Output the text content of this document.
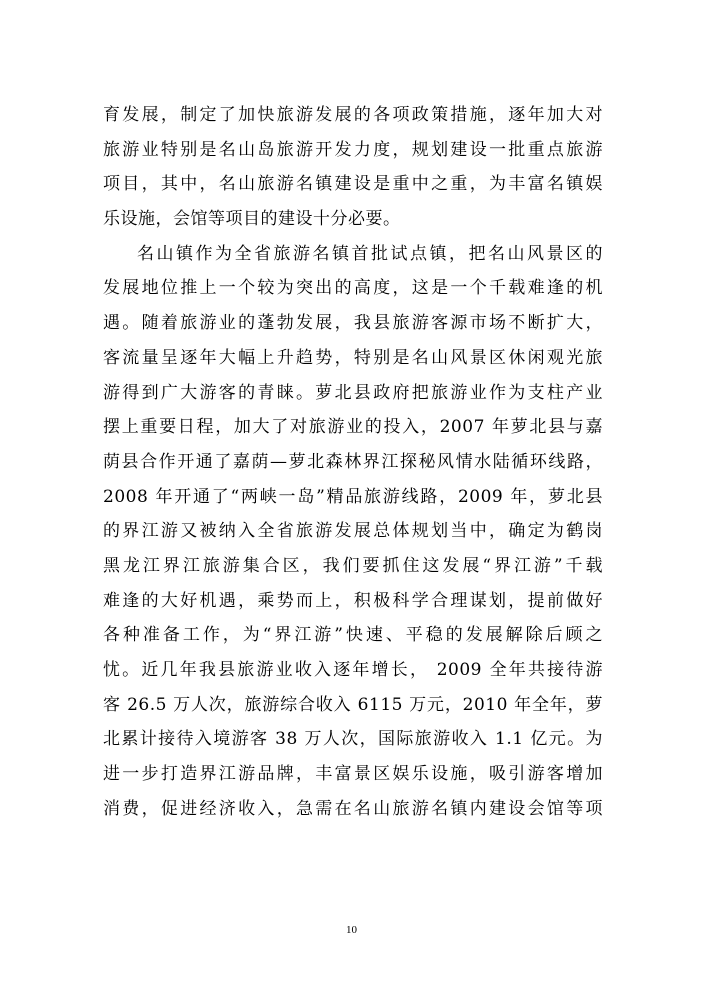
育发展，制定了加快旅游发展的各项政策措施，逐年加大对
旅游业特别是名山岛旅游开发力度，规划建设一批重点旅游
项目，其中，名山旅游名镇建设是重中之重，为丰富名镇娱
乐设施，会馆等项目的建设十分必要。
名山镇作为全省旅游名镇首批试点镇，把名山风景区的
发展地位推上一个较为突出的高度，这是一个千载难逢的机
遇。随着旅游业的蓬勃发展，我县旅游客源市场不断扩大，
客流量呈逐年大幅上升趋势，特别是名山风景区休闲观光旅
游得到广大游客的青睐。萝北县政府把旅游业作为支柱产业
摆上重要日程，加大了对旅游业的投入，2007 年萝北县与嘉
荫县合作开通了嘉荫—萝北森林界江探秘风情水陆循环线路，
2008 年开通了“两峡一岛”精品旅游线路，2009 年，萝北县
的界江游又被纳入全省旅游发展总体规划当中，确定为鹤岗
黑龙江界江旅游集合区，我们要抓住这发展“界江游”千载
难逢的大好机遇，乘势而上，积极科学合理谋划，提前做好
各种准备工作，为“界江游”快速、平稳的发展解除后顾之
忧。近几年我县旅游业收入逐年增长， 2009 全年共接待游
客 26.5 万人次，旅游综合收入 6115 万元，2010 年全年，萝
北累计接待入境游客 38 万人次，国际旅游收入 1.1 亿元。为
进一步打造界江游品牌，丰富景区娱乐设施，吸引游客增加
消费，促进经济收入，急需在名山旅游名镇内建设会馆等项
10
